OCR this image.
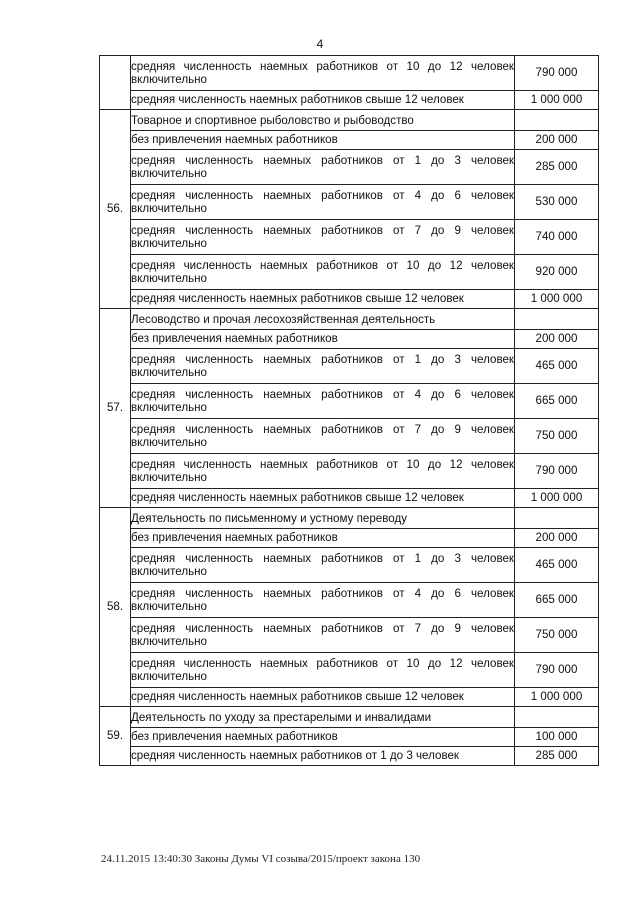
4
	средняя численность наемных работников от 10 до 12 человек включительно	790 000
	средняя численность наемных работников свыше 12 человек	1 000 000
56.	Товарное и спортивное рыболовство и рыбоводство	
	без привлечения наемных работников	200 000
	средняя численность наемных работников от 1 до 3 человек включительно	285 000
	средняя численность наемных работников от 4 до 6 человек включительно	530 000
	средняя численность наемных работников от 7 до 9 человек включительно	740 000
	средняя численность наемных работников от 10 до 12 человек включительно	920 000
	средняя численность наемных работников свыше 12 человек	1 000 000
57.	Лесоводство и прочая лесохозяйственная деятельность	
	без привлечения наемных работников	200 000
	средняя численность наемных работников от 1 до 3 человек включительно	465 000
	средняя численность наемных работников от 4 до 6 человек включительно	665 000
	средняя численность наемных работников от 7 до 9 человек включительно	750 000
	средняя численность наемных работников от 10 до 12 человек включительно	790 000
	средняя численность наемных работников свыше 12 человек	1 000 000
58.	Деятельность по письменному и устному переводу	
	без привлечения наемных работников	200 000
	средняя численность наемных работников от 1 до 3 человек включительно	465 000
	средняя численность наемных работников от 4 до 6 человек включительно	665 000
	средняя численность наемных работников от 7 до 9 человек включительно	750 000
	средняя численность наемных работников от 10 до 12 человек включительно	790 000
	средняя численность наемных работников свыше 12 человек	1 000 000
59.	Деятельность по уходу за престарелыми и инвалидами	
	без привлечения наемных работников	100 000
	средняя численность наемных работников от 1 до 3 человек	285 000
24.11.2015 13:40:30 Законы Думы VI созыва/2015/проект закона 130
